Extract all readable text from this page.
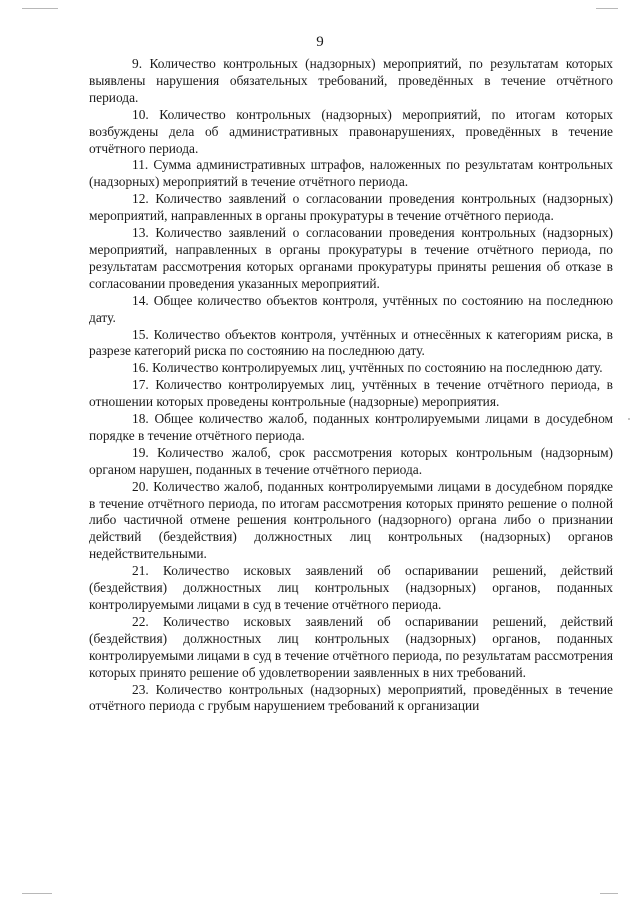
9

9. Количество контрольных (надзорных) мероприятий, по результатам которых выявлены нарушения обязательных требований, проведённых в течение отчётного периода.

10. Количество контрольных (надзорных) мероприятий, по итогам которых возбуждены дела об административных правонарушениях, проведённых в течение отчётного периода.

11. Сумма административных штрафов, наложенных по результатам контрольных (надзорных) мероприятий в течение отчётного периода.

12. Количество заявлений о согласовании проведения контрольных (надзорных) мероприятий, направленных в органы прокуратуры в течение отчётного периода.

13. Количество заявлений о согласовании проведения контрольных (надзорных) мероприятий, направленных в органы прокуратуры в течение отчётного периода, по результатам рассмотрения которых органами прокуратуры приняты решения об отказе в согласовании проведения указанных мероприятий.

14. Общее количество объектов контроля, учтённых по состоянию на последнюю дату.

15. Количество объектов контроля, учтённых и отнесённых к категориям риска, в разрезе категорий риска по состоянию на последнюю дату.

16. Количество контролируемых лиц, учтённых по состоянию на последнюю дату.

17. Количество контролируемых лиц, учтённых в течение отчётного периода, в отношении которых проведены контрольные (надзорные) мероприятия.

18. Общее количество жалоб, поданных контролируемыми лицами в досудебном порядке в течение отчётного периода.

19. Количество жалоб, срок рассмотрения которых контрольным (надзорным) органом нарушен, поданных в течение отчётного периода.

20. Количество жалоб, поданных контролируемыми лицами в досудебном порядке в течение отчётного периода, по итогам рассмотрения которых принято решение о полной либо частичной отмене решения контрольного (надзорного) органа либо о признании действий (бездействия) должностных лиц контрольных (надзорных) органов недействительными.

21. Количество исковых заявлений об оспаривании решений, действий (бездействия) должностных лиц контрольных (надзорных) органов, поданных контролируемыми лицами в суд в течение отчётного периода.

22. Количество исковых заявлений об оспаривании решений, действий (бездействия) должностных лиц контрольных (надзорных) органов, поданных контролируемыми лицами в суд в течение отчётного периода, по результатам рассмотрения которых принято решение об удовлетворении заявленных в них требований.

23. Количество контрольных (надзорных) мероприятий, проведённых в течение отчётного периода с грубым нарушением требований к организации
